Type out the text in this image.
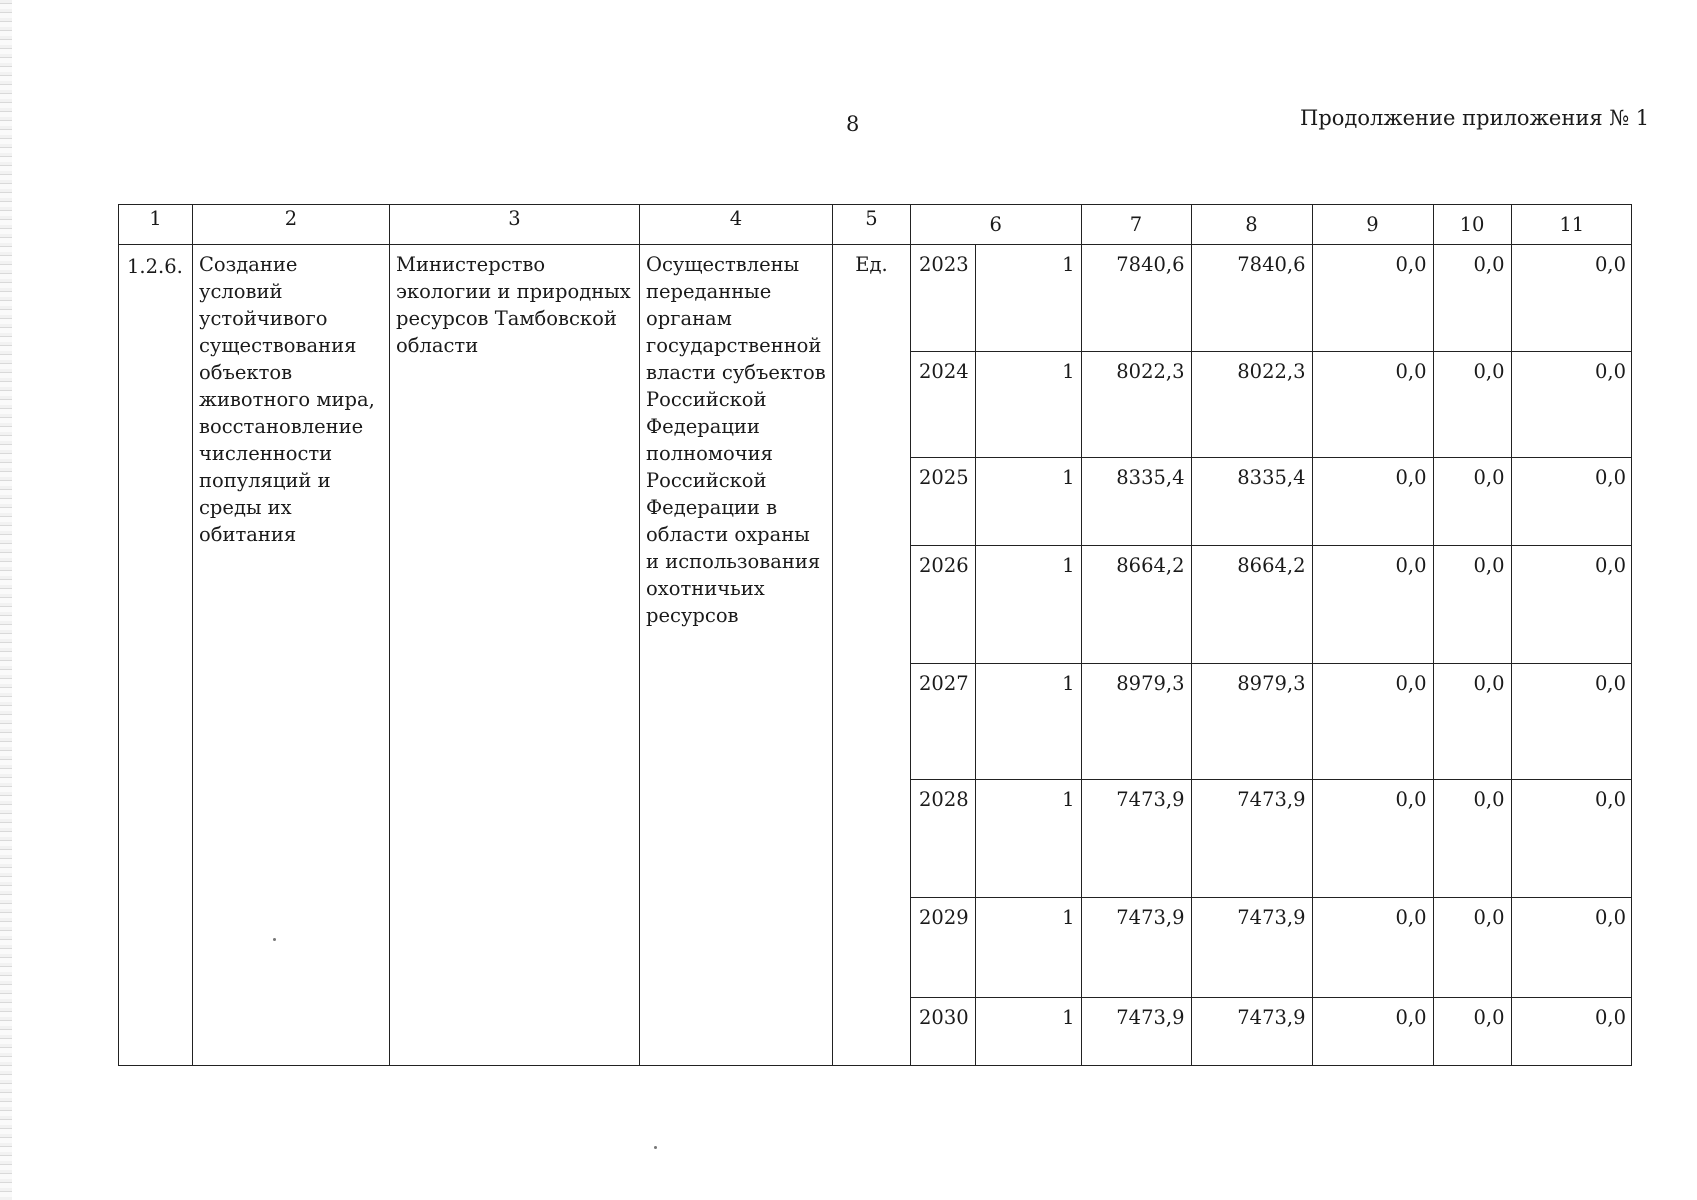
8	Продолжение приложения № 1
1	2	3	4	5		6	7	8	9	10	11

1.2.6.	Создание условий устойчивого существования объектов животного мира, восстановление численности популяций и среды их обитания	Министерство экологии и природных ресурсов Тамбовской области	Осуществлены переданные органам государственной власти субъектов Российской Федерации полномочия Российской Федерации в области охраны и использования охотничьих ресурсов	Ед.	2023	1	7840,6	7840,6	0,0	0,0	0,0
2024	1	8022,3	8022,3	0,0	0,0	0,0
2025	1	8335,4	8335,4	0,0	0,0	0,0
2026	1	8664,2	8664,2	0,0	0,0	0,0
2027	1	8979,3	8979,3	0,0	0,0	0,0
2028	1	7473,9	7473,9	0,0	0,0	0,0
2029	1	7473,9	7473,9	0,0	0,0	0,0
2030	1	7473,9	7473,9	0,0	0,0	0,0
